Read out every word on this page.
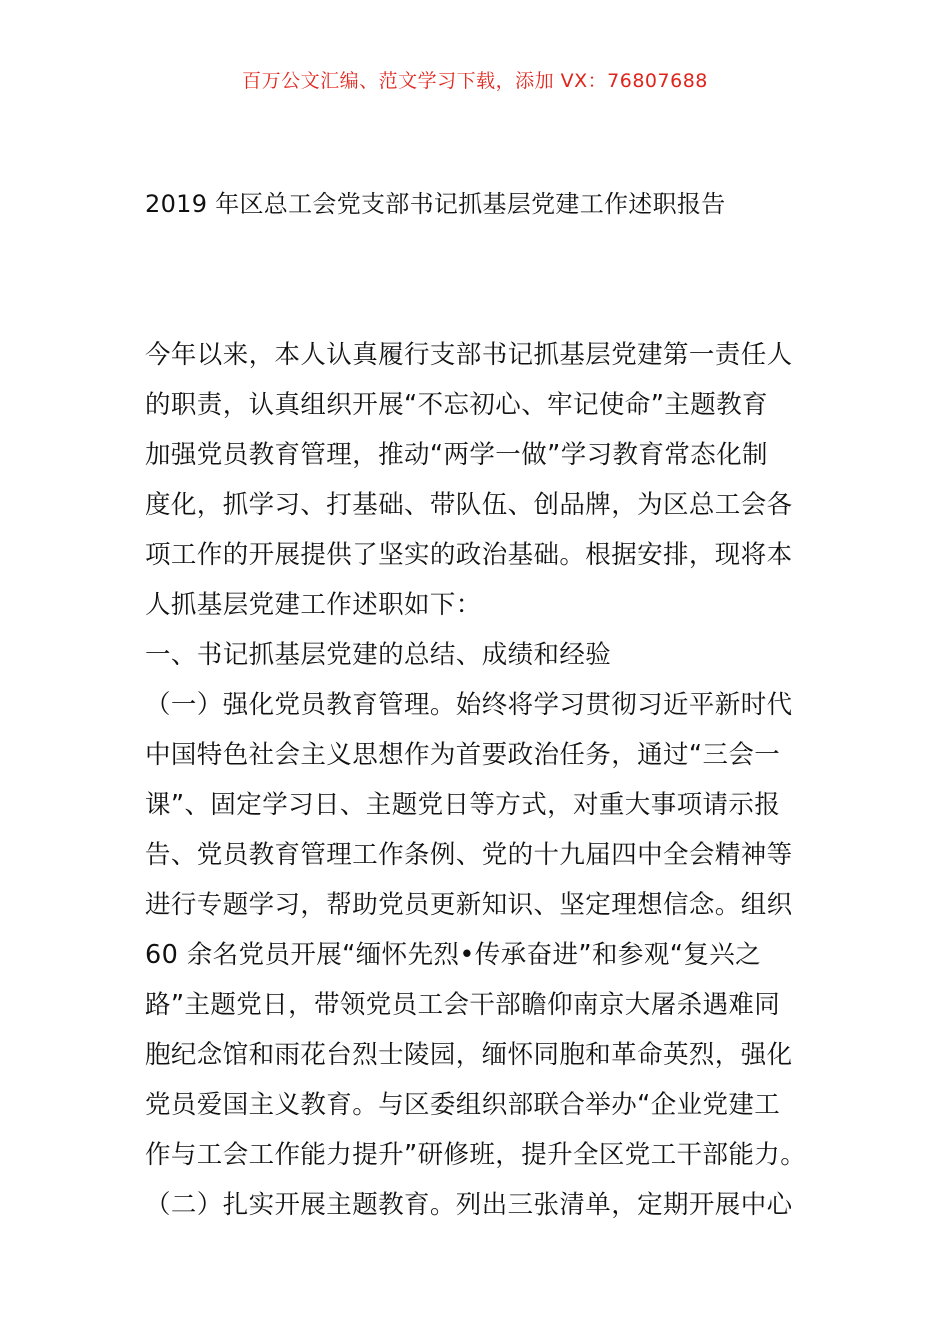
百万公文汇编、范文学习下载，添加 VX：76807688
2019 年区总工会党支部书记抓基层党建工作述职报告
今年以来，本人认真履行支部书记抓基层党建第一责任人
的职责，认真组织开展“不忘初心、牢记使命”主题教育
加强党员教育管理，推动“两学一做”学习教育常态化制
度化，抓学习、打基础、带队伍、创品牌，为区总工会各
项工作的开展提供了坚实的政治基础。根据安排，现将本
人抓基层党建工作述职如下：
一、书记抓基层党建的总结、成绩和经验
（一）强化党员教育管理。始终将学习贯彻习近平新时代
中国特色社会主义思想作为首要政治任务，通过“三会一
课”、固定学习日、主题党日等方式，对重大事项请示报
告、党员教育管理工作条例、党的十九届四中全会精神等
进行专题学习，帮助党员更新知识、坚定理想信念。组织
60 余名党员开展“缅怀先烈•传承奋进”和参观“复兴之
路”主题党日，带领党员工会干部瞻仰南京大屠杀遇难同
胞纪念馆和雨花台烈士陵园，缅怀同胞和革命英烈，强化
党员爱国主义教育。与区委组织部联合举办“企业党建工
作与工会工作能力提升”研修班，提升全区党工干部能力。
（二）扎实开展主题教育。列出三张清单，定期开展中心
